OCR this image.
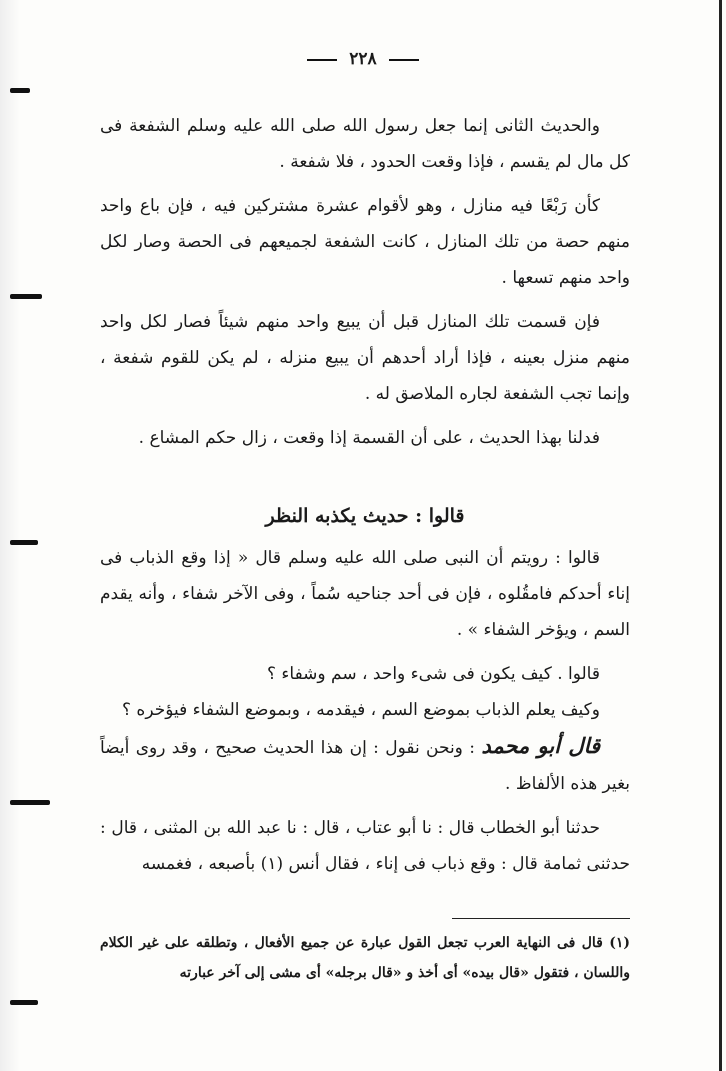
٢٢٨

والحديث الثانى إنما جعل رسول الله صلى الله عليه وسلم الشفعة فى كل مال لم يقسم ، فإذا وقعت الحدود ، فلا شفعة .

كأن رَبْعًا فيه منازل ، وهو لأقوام عشرة مشتركين فيه ، فإن باع واحد منهم حصة من تلك المنازل ، كانت الشفعة لجميعهم فى الحصة وصار لكل واحد منهم تسعها .

فإن قسمت تلك المنازل قبل أن يبيع واحد منهم شيئاً فصار لكل واحد منهم منزل بعينه ، فإذا أراد أحدهم أن يبيع منزله ، لم يكن للقوم شفعة ، وإنما تجب الشفعة لجاره الملاصق له .

فدلنا بهذا الحديث ، على أن القسمة إذا وقعت ، زال حكم المشاع .

قالوا : حديث يكذبه النظر

قالوا : رويتم أن النبى صلى الله عليه وسلم قال « إذا وقع الذباب فى إناء أحدكم فامقُلوه ، فإن فى أحد جناحيه سُماً ، وفى الآخر شفاء ، وأنه يقدم السم ، ويؤخر الشفاء » .

قالوا . كيف يكون فى شىء واحد ، سم وشفاء ؟

وكيف يعلم الذباب بموضع السم ، فيقدمه ، وبموضع الشفاء فيؤخره ؟

قال أبو محمد : ونحن نقول : إن هذا الحديث صحيح ، وقد روى أيضاً بغير هذه الألفاظ .

حدثنا أبو الخطاب قال : نا أبو عتاب ، قال : نا عبد الله بن المثنى ، قال : حدثنى ثمامة قال : وقع ذباب فى إناء ، فقال أنس (١) بأصبعه ، فغمسه

(١) قال فى النهاية العرب تجعل القول عبارة عن جميع الأفعال ، وتطلقه على غير الكلام واللسان ، فتقول «قال بيده» أى أخذ و «قال برجله» أى مشى إلى آخر عبارته
